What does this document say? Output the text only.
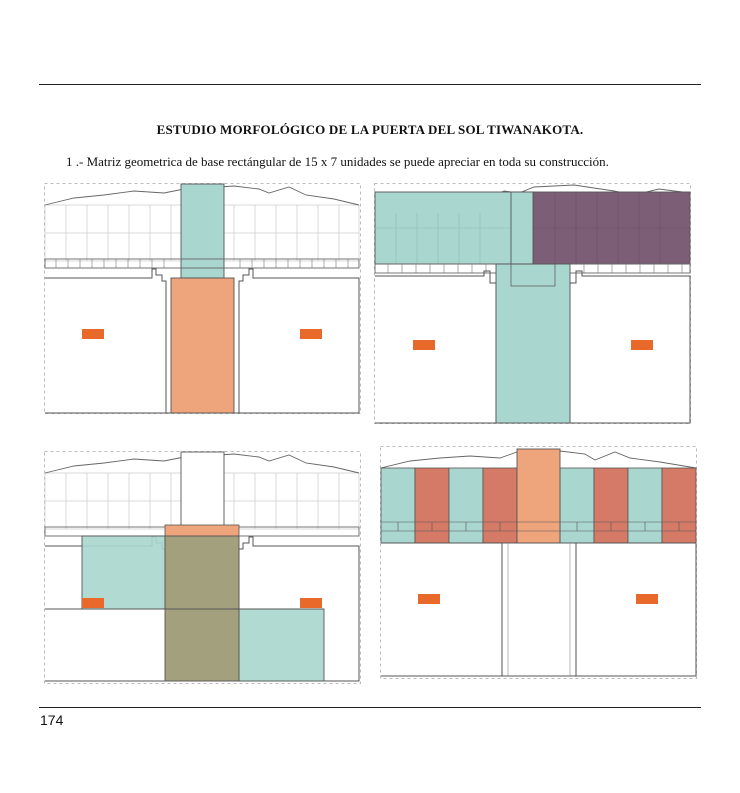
ESTUDIO MORFOLÓGICO DE LA PUERTA DEL SOL TIWANAKOTA.
1 .- Matriz geometrica de base rectángular de 15 x 7 unidades se puede apreciar en toda su construcción.
174
